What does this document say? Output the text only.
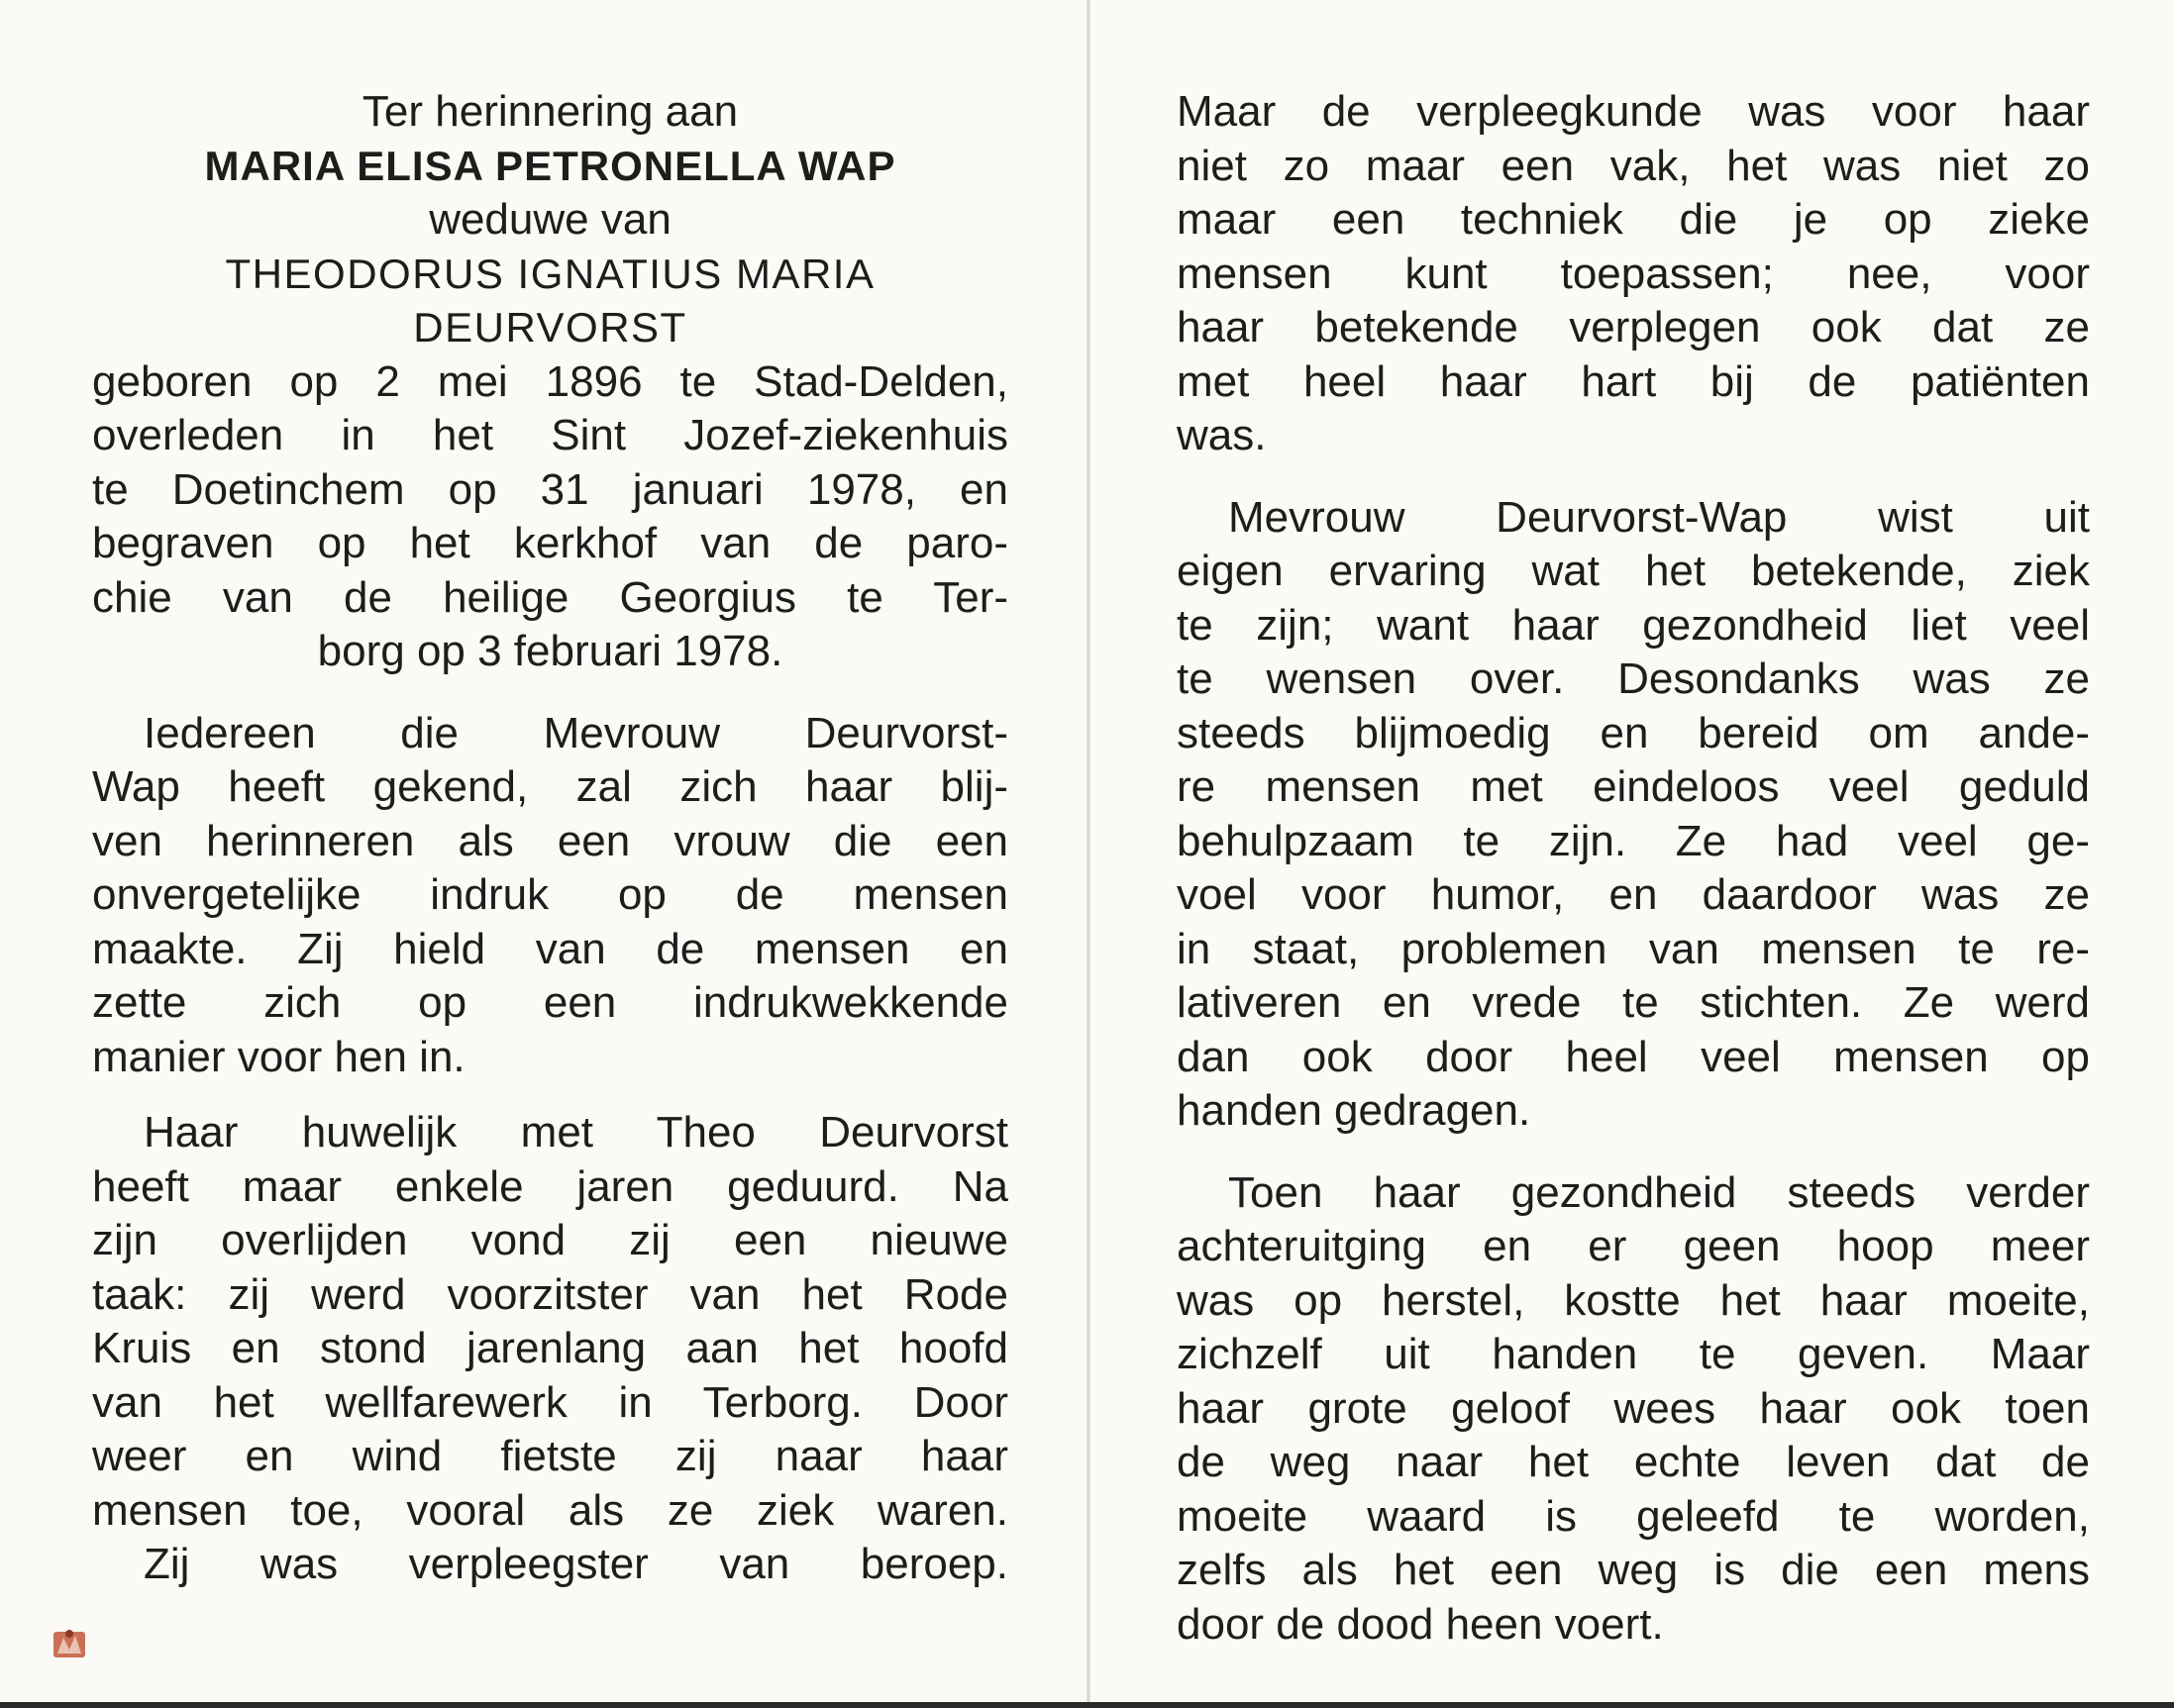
Ter herinnering aan
MARIA ELISA PETRONELLA WAP
weduwe van
THEODORUS IGNATIUS MARIA
DEURVORST
geboren op 2 mei 1896 te Stad-Delden,
overleden in het Sint Jozef-ziekenhuis
te Doetinchem op 31 januari 1978, en
begraven op het kerkhof van de paro-
chie van de heilige Georgius te Ter-
borg op 3 februari 1978.
Iedereen die Mevrouw Deurvorst-
Wap heeft gekend, zal zich haar blij-
ven herinneren als een vrouw die een
onvergetelijke indruk op de mensen
maakte. Zij hield van de mensen en
zette zich op een indrukwekkende
manier voor hen in.
Haar huwelijk met Theo Deurvorst
heeft maar enkele jaren geduurd. Na
zijn overlijden vond zij een nieuwe
taak: zij werd voorzitster van het Rode
Kruis en stond jarenlang aan het hoofd
van het wellfarewerk in Terborg. Door
weer en wind fietste zij naar haar
mensen toe, vooral als ze ziek waren.
Zij was verpleegster van beroep.
Maar de verpleegkunde was voor haar
niet zo maar een vak, het was niet zo
maar een techniek die je op zieke
mensen kunt toepassen; nee, voor
haar betekende verplegen ook dat ze
met heel haar hart bij de patiënten
was.
Mevrouw Deurvorst-Wap wist uit
eigen ervaring wat het betekende, ziek
te zijn; want haar gezondheid liet veel
te wensen over. Desondanks was ze
steeds blijmoedig en bereid om ande-
re mensen met eindeloos veel geduld
behulpzaam te zijn. Ze had veel ge-
voel voor humor, en daardoor was ze
in staat, problemen van mensen te re-
lativeren en vrede te stichten. Ze werd
dan ook door heel veel mensen op
handen gedragen.
Toen haar gezondheid steeds verder
achteruitging en er geen hoop meer
was op herstel, kostte het haar moeite,
zichzelf uit handen te geven. Maar
haar grote geloof wees haar ook toen
de weg naar het echte leven dat de
moeite waard is geleefd te worden,
zelfs als het een weg is die een mens
door de dood heen voert.
